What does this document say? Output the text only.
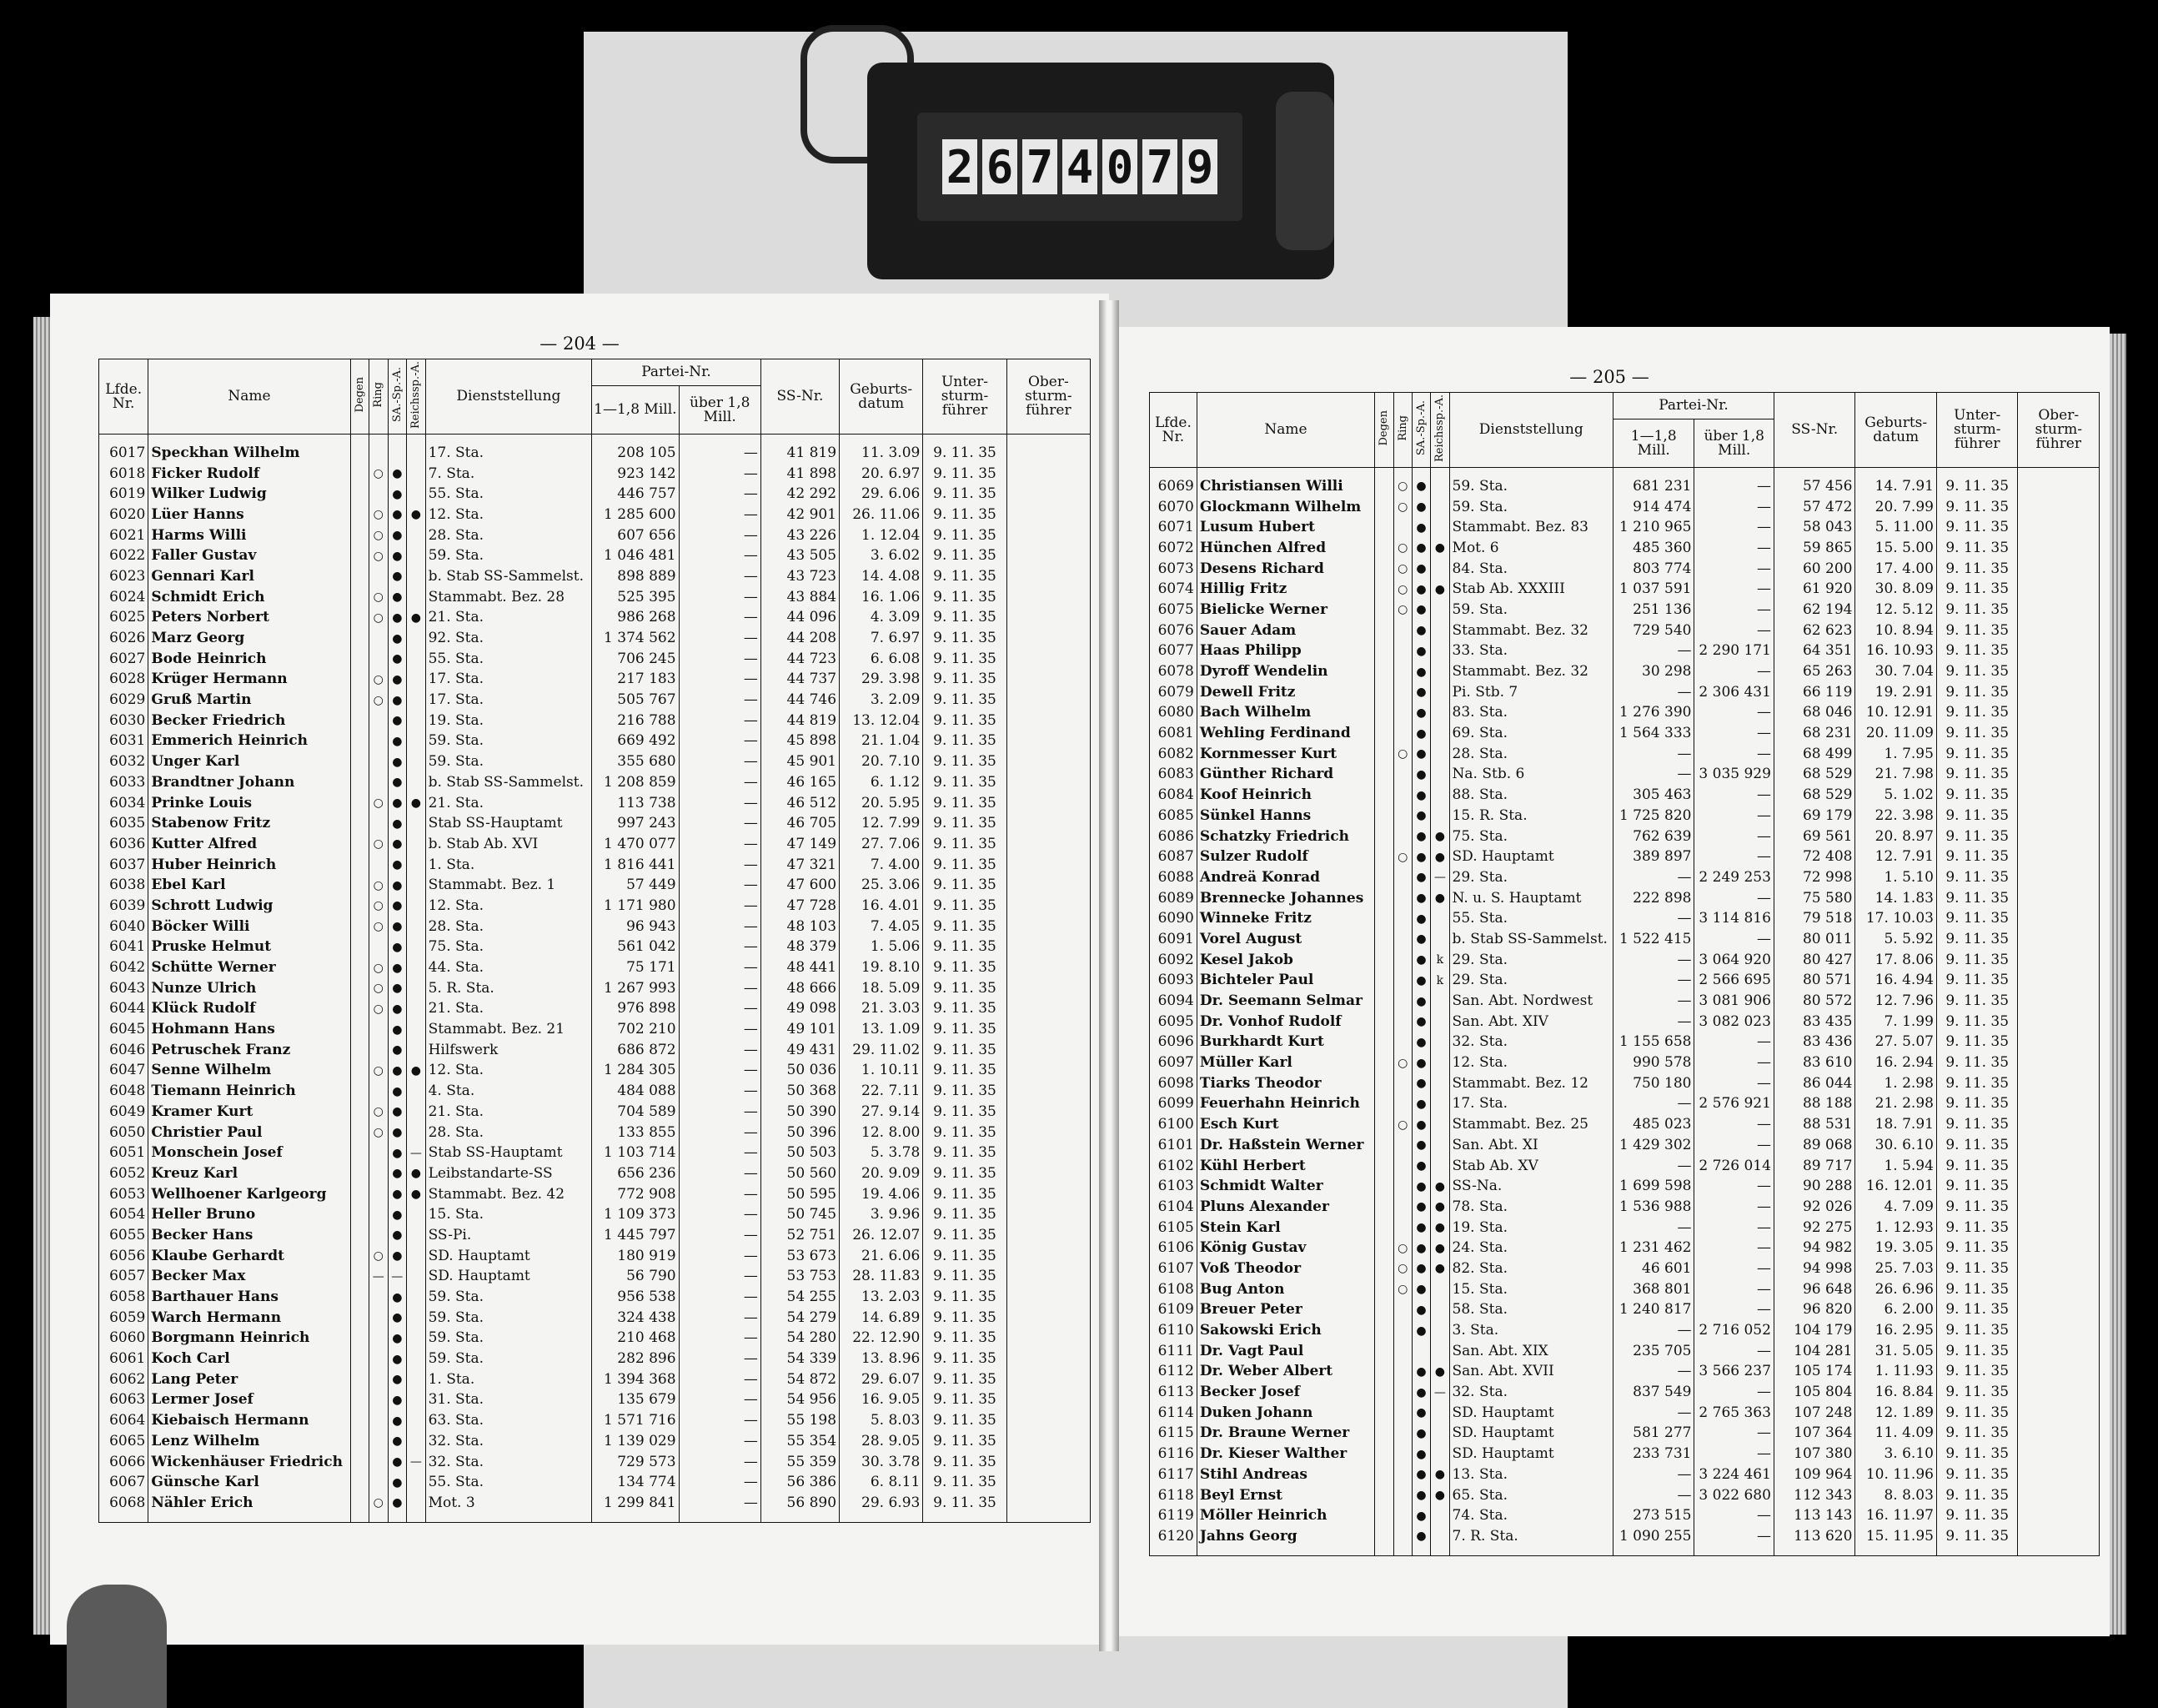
2 6 7 4 0 7 9
— 204 —
Lfde. Nr.	Name	Degen	Ring	SA.-Sp.-A.	Reichssp.-A.	Dienststellung	Partei-Nr.		SS-Nr.	Geburts-datum	Unter-sturm-führer	Ober-sturm-führer
							1—1,8 Mill.	über 1,8 Mill.				
6017	Speckhan Wilhelm					17. Sta.	208 105	—	41 819	11. 3.09	9. 11. 35	
6018	Ficker Rudolf		○	●		7. Sta.	923 142	—	41 898	20. 6.97	9. 11. 35	
6019	Wilker Ludwig			●		55. Sta.	446 757	—	42 292	29. 6.06	9. 11. 35	
6020	Lüer Hanns		○	●	●	12. Sta.	1 285 600	—	42 901	26. 11.06	9. 11. 35	
6021	Harms Willi		○	●		28. Sta.	607 656	—	43 226	1. 12.04	9. 11. 35	
6022	Faller Gustav		○	●		59. Sta.	1 046 481	—	43 505	3. 6.02	9. 11. 35	
6023	Gennari Karl			●		b. Stab SS-Sammelst.	898 889	—	43 723	14. 4.08	9. 11. 35	
6024	Schmidt Erich		○	●		Stammabt. Bez. 28	525 395	—	43 884	16. 1.06	9. 11. 35	
6025	Peters Norbert		○	●	●	21. Sta.	986 268	—	44 096	4. 3.09	9. 11. 35	
6026	Marz Georg			●		92. Sta.	1 374 562	—	44 208	7. 6.97	9. 11. 35	
6027	Bode Heinrich			●		55. Sta.	706 245	—	44 723	6. 6.08	9. 11. 35	
6028	Krüger Hermann		○	●		17. Sta.	217 183	—	44 737	29. 3.98	9. 11. 35	
6029	Gruß Martin		○	●		17. Sta.	505 767	—	44 746	3. 2.09	9. 11. 35	
6030	Becker Friedrich			●		19. Sta.	216 788	—	44 819	13. 12.04	9. 11. 35	
6031	Emmerich Heinrich			●		59. Sta.	669 492	—	45 898	21. 1.04	9. 11. 35	
6032	Unger Karl			●		59. Sta.	355 680	—	45 901	20. 7.10	9. 11. 35	
6033	Brandtner Johann			●		b. Stab SS-Sammelst.	1 208 859	—	46 165	6. 1.12	9. 11. 35	
6034	Prinke Louis		○	●	●	21. Sta.	113 738	—	46 512	20. 5.95	9. 11. 35	
6035	Stabenow Fritz			●		Stab SS-Hauptamt	997 243	—	46 705	12. 7.99	9. 11. 35	
6036	Kutter Alfred		○	●		b. Stab Ab. XVI	1 470 077	—	47 149	27. 7.06	9. 11. 35	
6037	Huber Heinrich			●		1. Sta.	1 816 441	—	47 321	7. 4.00	9. 11. 35	
6038	Ebel Karl		○	●		Stammabt. Bez. 1	57 449	—	47 600	25. 3.06	9. 11. 35	
6039	Schrott Ludwig		○	●		12. Sta.	1 171 980	—	47 728	16. 4.01	9. 11. 35	
6040	Böcker Willi		○	●		28. Sta.	96 943	—	48 103	7. 4.05	9. 11. 35	
6041	Pruske Helmut			●		75. Sta.	561 042	—	48 379	1. 5.06	9. 11. 35	
6042	Schütte Werner		○	●		44. Sta.	75 171	—	48 441	19. 8.10	9. 11. 35	
6043	Nunze Ulrich		○	●		5. R. Sta.	1 267 993	—	48 666	18. 5.09	9. 11. 35	
6044	Klück Rudolf		○	●		21. Sta.	976 898	—	49 098	21. 3.03	9. 11. 35	
6045	Hohmann Hans			●		Stammabt. Bez. 21	702 210	—	49 101	13. 1.09	9. 11. 35	
6046	Petruschek Franz			●		Hilfswerk	686 872	—	49 431	29. 11.02	9. 11. 35	
6047	Senne Wilhelm		○	●	●	12. Sta.	1 284 305	—	50 036	1. 10.11	9. 11. 35	
6048	Tiemann Heinrich			●		4. Sta.	484 088	—	50 368	22. 7.11	9. 11. 35	
6049	Kramer Kurt		○	●		21. Sta.	704 589	—	50 390	27. 9.14	9. 11. 35	
6050	Christier Paul		○	●		28. Sta.	133 855	—	50 396	12. 8.00	9. 11. 35	
6051	Monschein Josef			●	—	Stab SS-Hauptamt	1 103 714	—	50 503	5. 3.78	9. 11. 35	
6052	Kreuz Karl			●	●	Leibstandarte-SS	656 236	—	50 560	20. 9.09	9. 11. 35	
6053	Wellhoener Karlgeorg			●	●	Stammabt. Bez. 42	772 908	—	50 595	19. 4.06	9. 11. 35	
6054	Heller Bruno			●		15. Sta.	1 109 373	—	50 745	3. 9.96	9. 11. 35	
6055	Becker Hans			●		SS-Pi.	1 445 797	—	52 751	26. 12.07	9. 11. 35	
6056	Klaube Gerhardt		○	●		SD. Hauptamt	180 919	—	53 673	21. 6.06	9. 11. 35	
6057	Becker Max		—	—		SD. Hauptamt	56 790	—	53 753	28. 11.83	9. 11. 35	
6058	Barthauer Hans			●		59. Sta.	956 538	—	54 255	13. 2.03	9. 11. 35	
6059	Warch Hermann			●		59. Sta.	324 438	—	54 279	14. 6.89	9. 11. 35	
6060	Borgmann Heinrich			●		59. Sta.	210 468	—	54 280	22. 12.90	9. 11. 35	
6061	Koch Carl			●		59. Sta.	282 896	—	54 339	13. 8.96	9. 11. 35	
6062	Lang Peter			●		1. Sta.	1 394 368	—	54 872	29. 6.07	9. 11. 35	
6063	Lermer Josef			●		31. Sta.	135 679	—	54 956	16. 9.05	9. 11. 35	
6064	Kiebaisch Hermann			●		63. Sta.	1 571 716	—	55 198	5. 8.03	9. 11. 35	
6065	Lenz Wilhelm			●		32. Sta.	1 139 029	—	55 354	28. 9.05	9. 11. 35	
6066	Wickenhäuser Friedrich			●	—	32. Sta.	729 573	—	55 359	30. 3.78	9. 11. 35	
6067	Günsche Karl			●		55. Sta.	134 774	—	56 386	6. 8.11	9. 11. 35	
6068	Nähler Erich		○	●		Mot. 3	1 299 841	—	56 890	29. 6.93	9. 11. 35	
— 205 —
Lfde. Nr.	Name	Degen	Ring	SA.-Sp.-A.	Reichssp.-A.	Dienststellung	Partei-Nr.		SS-Nr.	Geburts-datum	Unter-sturm-führer	Ober-sturm-führer
							1—1,8 Mill.	über 1,8 Mill.				
6069	Christiansen Willi		○	●		59. Sta.	681 231	—	57 456	14. 7.91	9. 11. 35	
6070	Glockmann Wilhelm		○	●		59. Sta.	914 474	—	57 472	20. 7.99	9. 11. 35	
6071	Lusum Hubert			●		Stammabt. Bez. 83	1 210 965	—	58 043	5. 11.00	9. 11. 35	
6072	Hünchen Alfred		○	●	●	Mot. 6	485 360	—	59 865	15. 5.00	9. 11. 35	
6073	Desens Richard		○	●		84. Sta.	803 774	—	60 200	17. 4.00	9. 11. 35	
6074	Hillig Fritz		○	●	●	Stab Ab. XXXIII	1 037 591	—	61 920	30. 8.09	9. 11. 35	
6075	Bielicke Werner		○	●		59. Sta.	251 136	—	62 194	12. 5.12	9. 11. 35	
6076	Sauer Adam			●		Stammabt. Bez. 32	729 540	—	62 623	10. 8.94	9. 11. 35	
6077	Haas Philipp			●		33. Sta.	—	2 290 171	64 351	16. 10.93	9. 11. 35	
6078	Dyroff Wendelin			●		Stammabt. Bez. 32	30 298	—	65 263	30. 7.04	9. 11. 35	
6079	Dewell Fritz			●		Pi. Stb. 7	—	2 306 431	66 119	19. 2.91	9. 11. 35	
6080	Bach Wilhelm			●		83. Sta.	1 276 390	—	68 046	10. 12.91	9. 11. 35	
6081	Wehling Ferdinand			●		69. Sta.	1 564 333	—	68 231	20. 11.09	9. 11. 35	
6082	Kornmesser Kurt		○	●		28. Sta.	—	—	68 499	1. 7.95	9. 11. 35	
6083	Günther Richard			●		Na. Stb. 6	—	3 035 929	68 529	21. 7.98	9. 11. 35	
6084	Koof Heinrich			●		88. Sta.	305 463	—	68 529	5. 1.02	9. 11. 35	
6085	Sünkel Hanns			●		15. R. Sta.	1 725 820	—	69 179	22. 3.98	9. 11. 35	
6086	Schatzky Friedrich			●	●	75. Sta.	762 639	—	69 561	20. 8.97	9. 11. 35	
6087	Sulzer Rudolf		○	●	●	SD. Hauptamt	389 897	—	72 408	12. 7.91	9. 11. 35	
6088	Andreä Konrad			●	—	29. Sta.	—	2 249 253	72 998	1. 5.10	9. 11. 35	
6089	Brennecke Johannes			●	●	N. u. S. Hauptamt	222 898	—	75 580	14. 1.83	9. 11. 35	
6090	Winneke Fritz			●		55. Sta.	—	3 114 816	79 518	17. 10.03	9. 11. 35	
6091	Vorel August			●		b. Stab SS-Sammelst.	1 522 415	—	80 011	5. 5.92	9. 11. 35	
6092	Kesel Jakob			●	k	29. Sta.	—	3 064 920	80 427	17. 8.06	9. 11. 35	
6093	Bichteler Paul			●	k	29. Sta.	—	2 566 695	80 571	16. 4.94	9. 11. 35	
6094	Dr. Seemann Selmar			●		San. Abt. Nordwest	—	3 081 906	80 572	12. 7.96	9. 11. 35	
6095	Dr. Vonhof Rudolf			●		San. Abt. XIV	—	3 082 023	83 435	7. 1.99	9. 11. 35	
6096	Burkhardt Kurt			●		32. Sta.	1 155 658	—	83 436	27. 5.07	9. 11. 35	
6097	Müller Karl		○	●		12. Sta.	990 578	—	83 610	16. 2.94	9. 11. 35	
6098	Tiarks Theodor			●		Stammabt. Bez. 12	750 180	—	86 044	1. 2.98	9. 11. 35	
6099	Feuerhahn Heinrich			●		17. Sta.	—	2 576 921	88 188	21. 2.98	9. 11. 35	
6100	Esch Kurt		○	●		Stammabt. Bez. 25	485 023	—	88 531	18. 7.91	9. 11. 35	
6101	Dr. Haßstein Werner			●		San. Abt. XI	1 429 302	—	89 068	30. 6.10	9. 11. 35	
6102	Kühl Herbert			●		Stab Ab. XV	—	2 726 014	89 717	1. 5.94	9. 11. 35	
6103	Schmidt Walter			●	●	SS-Na.	1 699 598	—	90 288	16. 12.01	9. 11. 35	
6104	Pluns Alexander			●	●	78. Sta.	1 536 988	—	92 026	4. 7.09	9. 11. 35	
6105	Stein Karl			●	●	19. Sta.	—	—	92 275	1. 12.93	9. 11. 35	
6106	König Gustav		○	●	●	24. Sta.	1 231 462	—	94 982	19. 3.05	9. 11. 35	
6107	Voß Theodor		○	●	●	82. Sta.	46 601	—	94 998	25. 7.03	9. 11. 35	
6108	Bug Anton		○	●		15. Sta.	368 801	—	96 648	26. 6.96	9. 11. 35	
6109	Breuer Peter			●		58. Sta.	1 240 817	—	96 820	6. 2.00	9. 11. 35	
6110	Sakowski Erich			●		3. Sta.	—	2 716 052	104 179	16. 2.95	9. 11. 35	
6111	Dr. Vagt Paul					San. Abt. XIX	235 705	—	104 281	31. 5.05	9. 11. 35	
6112	Dr. Weber Albert			●	●	San. Abt. XVII	—	3 566 237	105 174	1. 11.93	9. 11. 35	
6113	Becker Josef			●	—	32. Sta.	837 549	—	105 804	16. 8.84	9. 11. 35	
6114	Duken Johann			●		SD. Hauptamt	—	2 765 363	107 248	12. 1.89	9. 11. 35	
6115	Dr. Braune Werner			●		SD. Hauptamt	581 277	—	107 364	11. 4.09	9. 11. 35	
6116	Dr. Kieser Walther			●		SD. Hauptamt	233 731	—	107 380	3. 6.10	9. 11. 35	
6117	Stihl Andreas			●	●	13. Sta.	—	3 224 461	109 964	10. 11.96	9. 11. 35	
6118	Beyl Ernst			●	●	65. Sta.	—	3 022 680	112 343	8. 8.03	9. 11. 35	
6119	Möller Heinrich			●		74. Sta.	273 515	—	113 143	16. 11.97	9. 11. 35	
6120	Jahns Georg			●		7. R. Sta.	1 090 255	—	113 620	15. 11.95	9. 11. 35	
